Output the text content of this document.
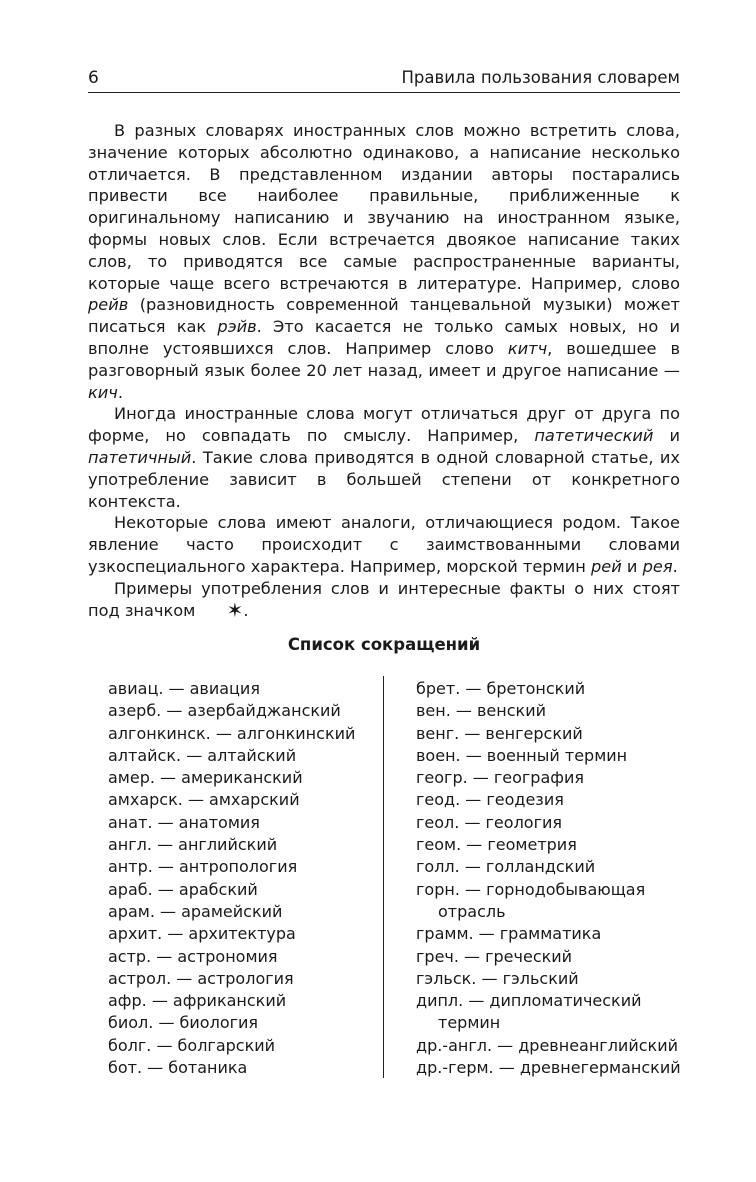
6	Правила пользования словарем

В разных словарях иностранных слов можно встретить слова, значение которых абсолютно одинаково, а написание несколько отличается. В представленном издании авторы постарались привести все наиболее правильные, приближенные к оригинальному написанию и звучанию на иностранном языке, формы новых слов. Если встречается двоякое написание таких слов, то приводятся все самые распространенные варианты, которые чаще всего встречаются в литературе. Например, слово рейв (разновидность современной танцевальной музыки) может писаться как рэйв. Это касается не только самых новых, но и вполне устоявшихся слов. Например слово китч, вошедшее в разговорный язык более 20 лет назад, имеет и другое написание — кич.

Иногда иностранные слова могут отличаться друг от друга по форме, но совпадать по смыслу. Например, патетический и патетичный. Такие слова приводятся в одной словарной статье, их употребление зависит в большей степени от конкретного контекста.

Некоторые слова имеют аналоги, отличающиеся родом. Такое явление часто происходит с заимствованными словами узкоспециального характера. Например, морской термин рей и рея.

Примеры употребления слов и интересные факты о них стоят под значком ✶.

Список сокращений
авиац. — авиация
азерб. — азербайджанский
алгонкинск. — алгонкинский
алтайск. — алтайский
амер. — американский
амхарск. — амхарский
анат. — анатомия
англ. — английский
антр. — антропология
араб. — арабский
арам. — арамейский
архит. — архитектура
астр. — астрономия
астрол. — астрология
афр. — африканский
биол. — биология
болг. — болгарский
бот. — ботаника
брет. — бретонский
вен. — венский
венг. — венгерский
воен. — военный термин
геогр. — география
геод. — геодезия
геол. — геология
геом. — геометрия
голл. — голландский
горн. — горнодобывающая
отрасль
грамм. — грамматика
греч. — греческий
гэльск. — гэльский
дипл. — дипломатический
термин
др.-англ. — древнеанглийский
др.-герм. — древнегерманский
